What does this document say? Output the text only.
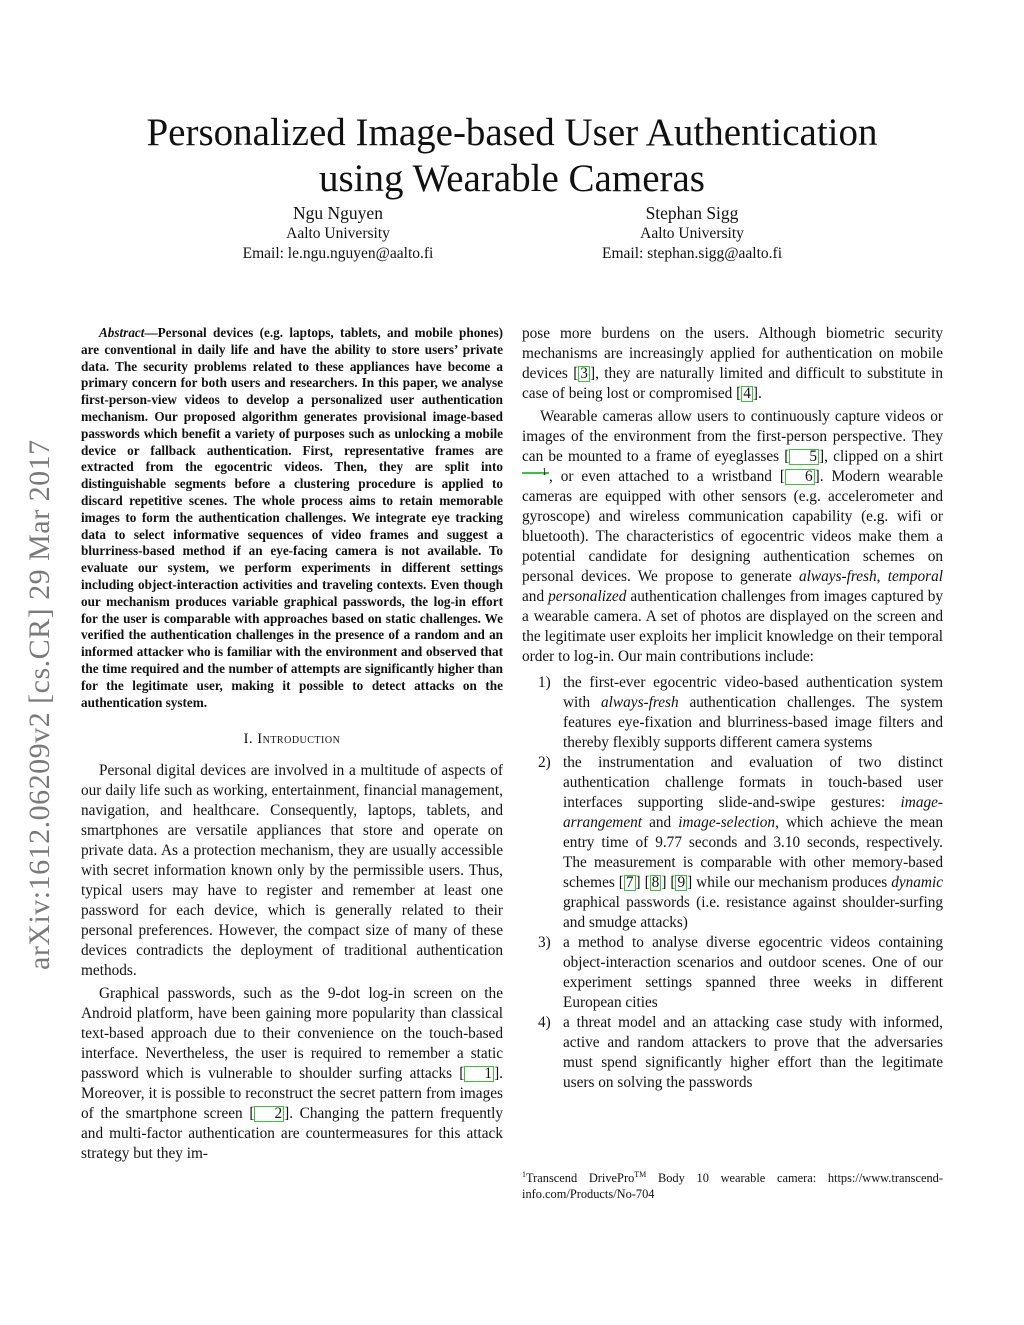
arXiv:1612.06209v2 [cs.CR] 29 Mar 2017
Personalized Image-based User Authentication
using Wearable Cameras
Ngu Nguyen
Aalto University
Email: le.ngu.nguyen@aalto.fi
Stephan Sigg
Aalto University
Email: stephan.sigg@aalto.fi

Abstract—Personal devices (e.g. laptops, tablets, and mobile phones) are conventional in daily life and have the ability to store users’ private data. The security problems related to these appliances have become a primary concern for both users and researchers. In this paper, we analyse first-person-view videos to develop a personalized user authentication mechanism. Our proposed algorithm generates provisional image-based passwords which benefit a variety of purposes such as unlocking a mobile device or fallback authentication. First, representative frames are extracted from the egocentric videos. Then, they are split into distinguishable segments before a clustering procedure is applied to discard repetitive scenes. The whole process aims to retain memorable images to form the authentication challenges. We integrate eye tracking data to select informative sequences of video frames and suggest a blurriness-based method if an eye-facing camera is not available. To evaluate our system, we perform experiments in different settings including object-interaction activities and traveling contexts. Even though our mechanism produces variable graphical passwords, the log-in effort for the user is comparable with approaches based on static challenges. We verified the authentication challenges in the presence of a random and an informed attacker who is familiar with the environment and observed that the time required and the number of attempts are significantly higher than for the legitimate user, making it possible to detect attacks on the authentication system.

I. Introduction

Personal digital devices are involved in a multitude of aspects of our daily life such as working, entertainment, financial management, navigation, and healthcare. Consequently, laptops, tablets, and smartphones are versatile appliances that store and operate on private data. As a protection mechanism, they are usually accessible with secret information known only by the permissible users. Thus, typical users may have to register and remember at least one password for each device, which is generally related to their personal preferences. However, the compact size of many of these devices contradicts the deployment of traditional authentication methods.

Graphical passwords, such as the 9-dot log-in screen on the Android platform, have been gaining more popularity than classical text-based approach due to their convenience on the touch-based interface. Nevertheless, the user is required to remember a static password which is vulnerable to shoulder surfing attacks [ 1 ]. Moreover, it is possible to reconstruct the secret pattern from images of the smartphone screen [ 2 ]. Changing the pattern frequently and multi-factor authentication are countermeasures for this attack strategy but they im-

pose more burdens on the users. Although biometric security mechanisms are increasingly applied for authentication on mobile devices [ 3 ], they are naturally limited and difficult to substitute in case of being lost or compromised [ 4 ].

Wearable cameras allow users to continuously capture videos or images of the environment from the first-person perspective. They can be mounted to a frame of eyeglasses [ 5 ], clipped on a shirt 1 , or even attached to a wristband [ 6 ]. Modern wearable cameras are equipped with other sensors (e.g. accelerometer and gyroscope) and wireless communication capability (e.g. wifi or bluetooth). The characteristics of egocentric videos make them a potential candidate for designing authentication schemes on personal devices. We propose to generate always-fresh, temporal and personalized authentication challenges from images captured by a wearable camera. A set of photos are displayed on the screen and the legitimate user exploits her implicit knowledge on their temporal order to log-in. Our main contributions include:

1) the first-ever egocentric video-based authentication system with always-fresh authentication challenges. The system features eye-fixation and blurriness-based image filters and thereby flexibly supports different camera systems
2) the instrumentation and evaluation of two distinct authentication challenge formats in touch-based user interfaces supporting slide-and-swipe gestures: image-arrangement and image-selection, which achieve the mean entry time of 9.77 seconds and 3.10 seconds, respectively. The measurement is comparable with other memory-based schemes [ 7 ] [ 8 ] [ 9 ] while our mechanism produces dynamic graphical passwords (i.e. resistance against shoulder-surfing and smudge attacks)
3) a method to analyse diverse egocentric videos containing object-interaction scenarios and outdoor scenes. One of our experiment settings spanned three weeks in different European cities
4) a threat model and an attacking case study with informed, active and random attackers to prove that the adversaries must spend significantly higher effort than the legitimate users on solving the passwords
$^1$Transcend DrivePro™ Body 10 wearable camera: https://www.transcend-info.com/Products/No-704
